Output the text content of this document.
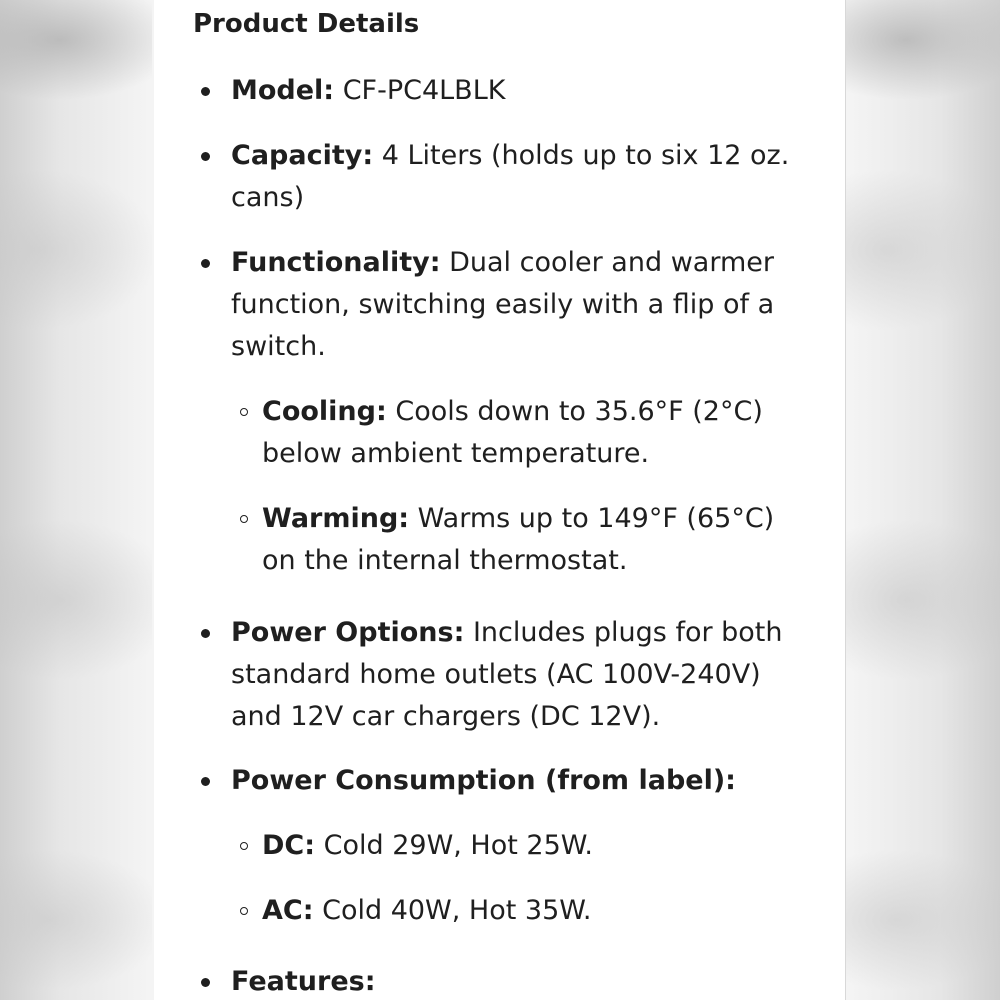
Product Details
Model: CF-PC4LBLK
Capacity: 4 Liters (holds up to six 12 oz. cans)
Functionality: Dual cooler and warmer function, switching easily with a flip of a switch.
Cooling: Cools down to 35.6°F (2°C) below ambient temperature.
Warming: Warms up to 149°F (65°C) on the internal thermostat.
Power Options: Includes plugs for both standard home outlets (AC 100V-240V) and 12V car chargers (DC 12V).
Power Consumption (from label):
DC: Cold 29W, Hot 25W.
AC: Cold 40W, Hot 35W.
Features:
